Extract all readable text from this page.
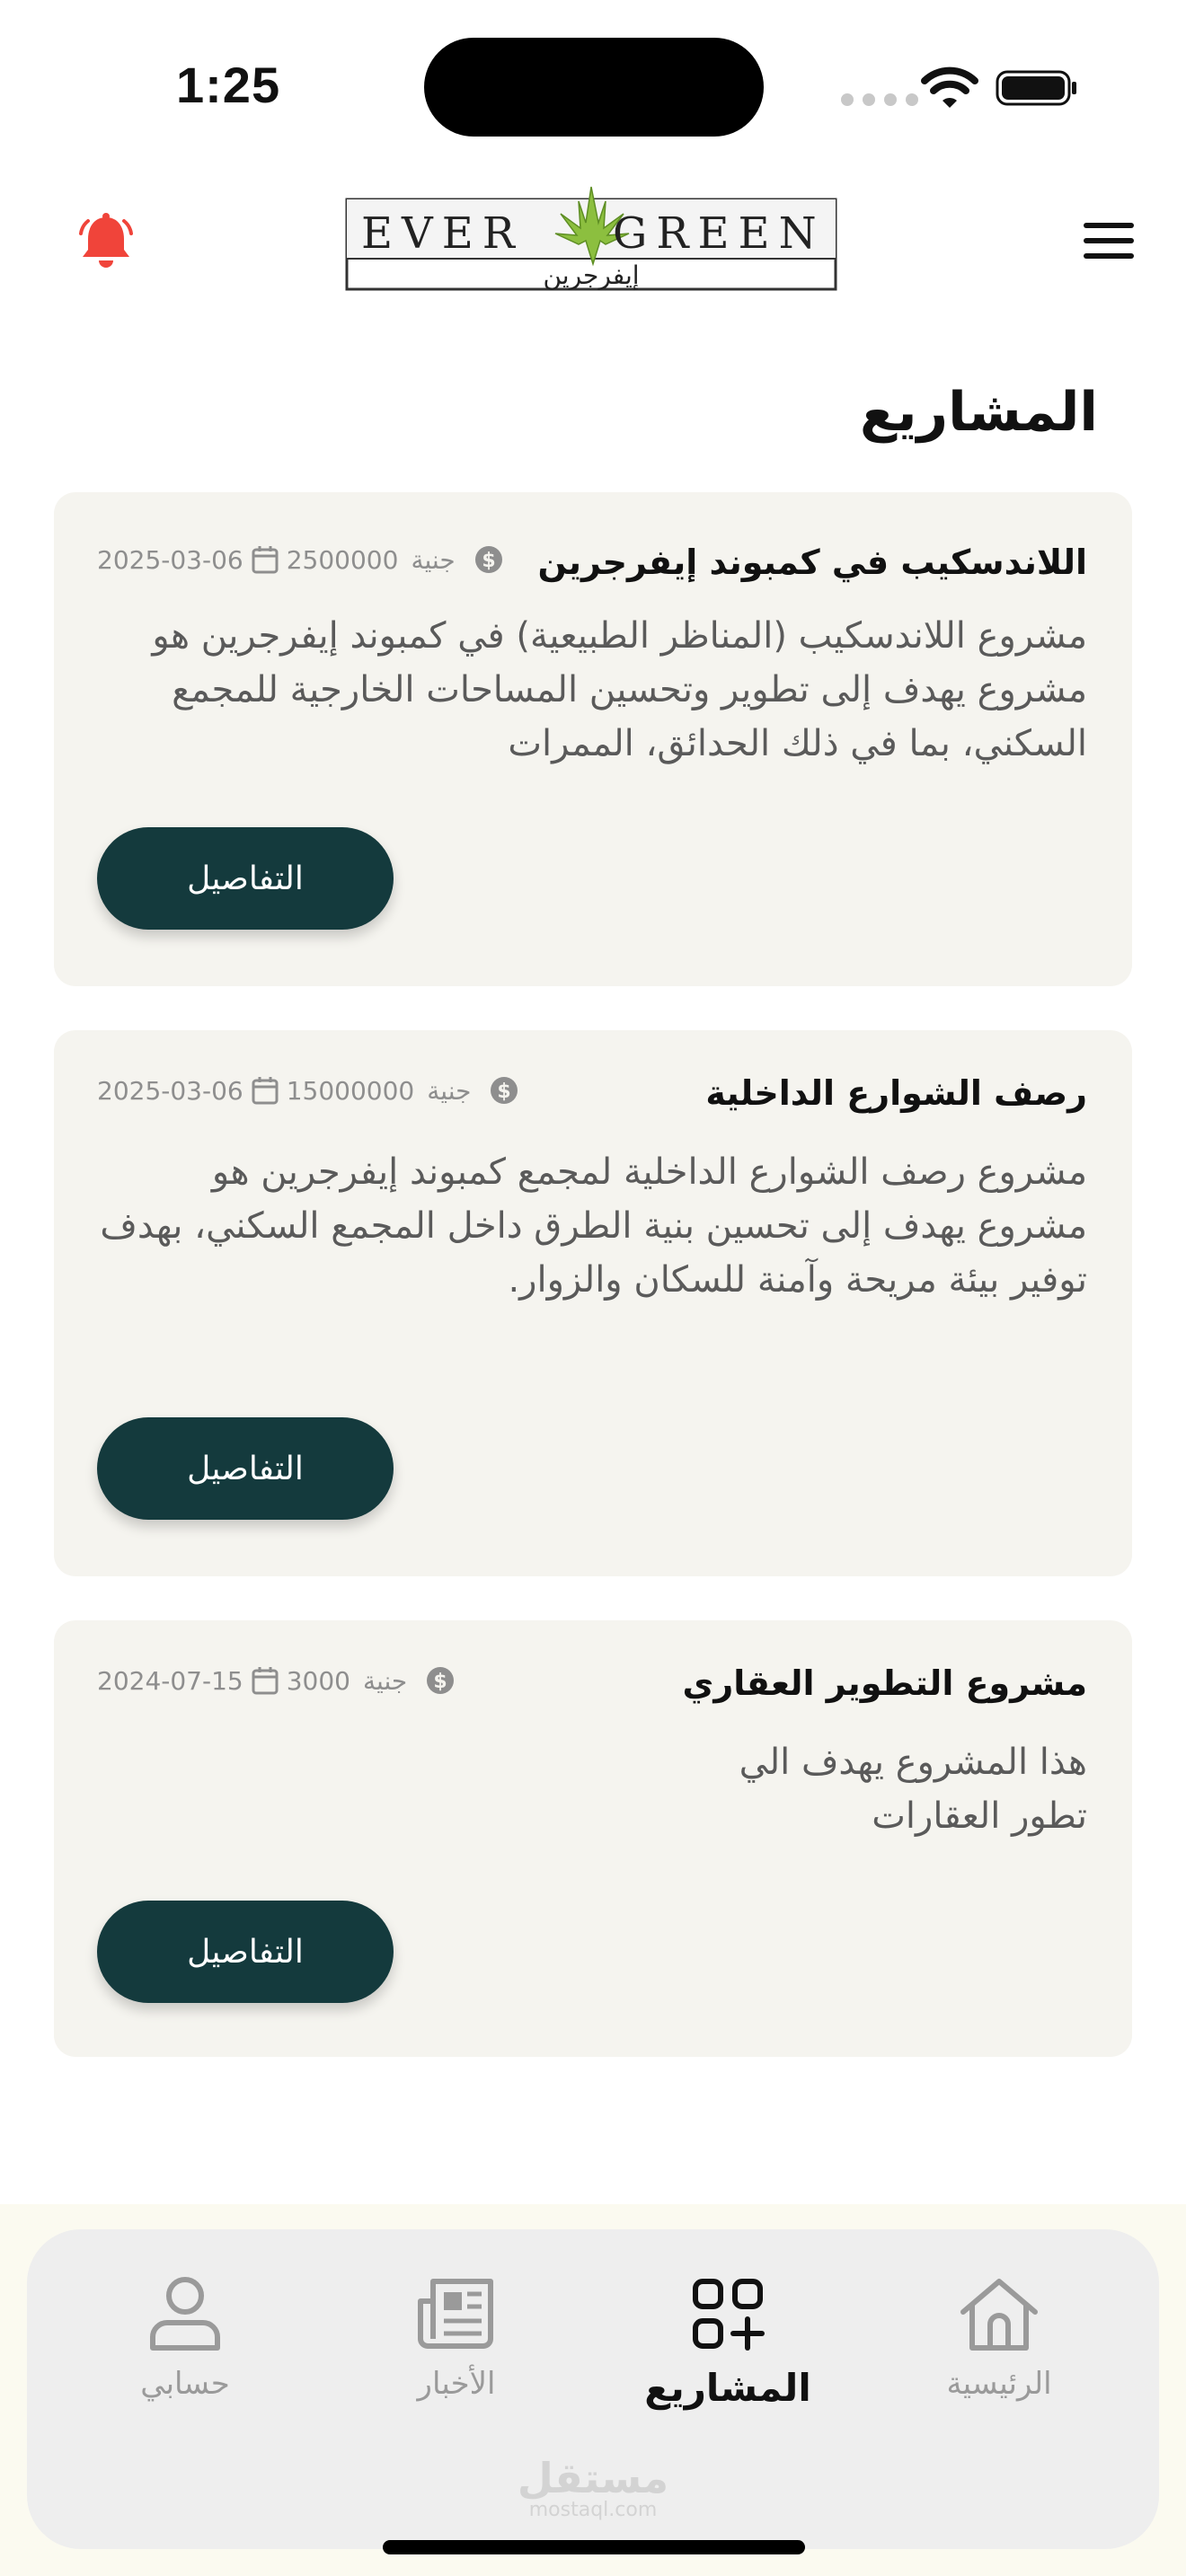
1:25
EVER GREEN
إيفرجرين
المشاريع
اللاندسكيب في كمبوند إيفرجرين
2025-03-06 2500000 جنية $
مشروع اللاندسكيب (المناظر الطبيعية) في كمبوند إيفرجرين هو مشروع يهدف إلى تطوير وتحسين المساحات الخارجية للمجمع السكني، بما في ذلك الحدائق، الممرات
التفاصيل
رصف الشوارع الداخلية
2025-03-06 15000000 جنية $
مشروع رصف الشوارع الداخلية لمجمع كمبوند إيفرجرين هو مشروع يهدف إلى تحسين بنية الطرق داخل المجمع السكني، بهدف توفير بيئة مريحة وآمنة للسكان والزوار.
التفاصيل
مشروع التطوير العقاري
2024-07-15 3000 جنية $
هذا المشروع يهدف الي
تطور العقارات
التفاصيل
الرئيسية
المشاريع
الأخبار
حسابي
مستقل
mostaql.com
